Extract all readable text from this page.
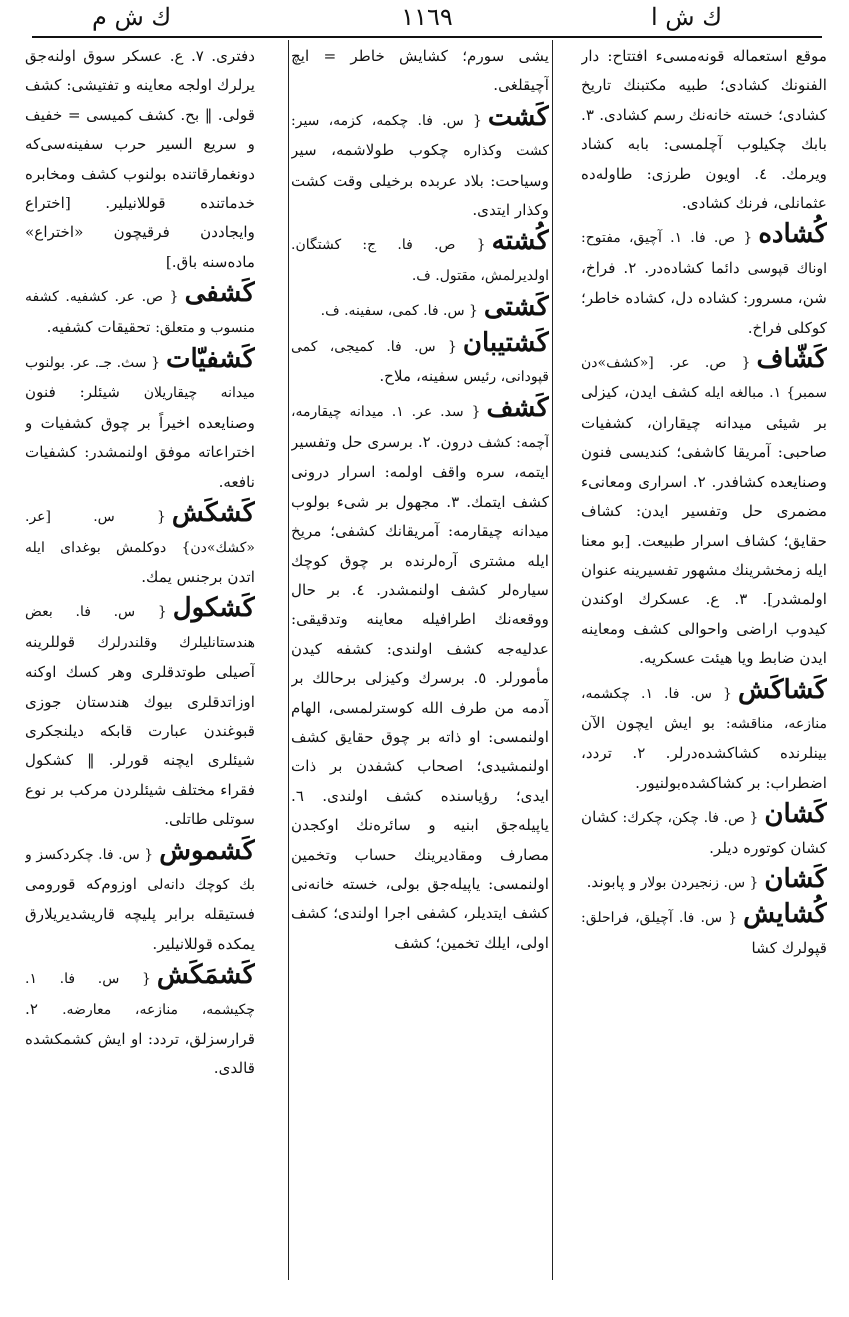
ك ش ا
١١٦٩
ك ش م
موقع استعماله قونه‌مسیء افتتاح: دار الفنونك كشادی؛ طبیه مكتبنك تاریخ كشادی؛ خسته خانه‌نك رسم كشادی. ٣. بابك چكیلوب آچلمسی: بابه كشاد ویرمك. ٤. اویون طرزی: طاولەده عثمانلی، فرنك كشادی.
كُشاده{ ص. فا. ١. آچیق، مفتوح: اوناك قپوسی دائما كشاده‌در. ٢. فراخ، شن، مسرور: كشاده دل، كشاده خاطر؛ كوكلی فراخ.
كَشّاف{ ص. عر. [«كشف»دن سمبر} ١. مبالغه ایله كشف ایدن، كیزلی بر شیئی میدانه چیقاران، كشفیات صاحبی: آمریقا كاشفی؛ كندیسی فنون وصنایعده كشافدر. ٢. اسراری ومعانیء مضمری حل وتفسیر ایدن: كشاف حقایق؛ كشاف اسرار طبیعت. [بو معنا ایله زمخشرینك مشهور تفسیرینه عنوان اولمشدر]. ٣. ع. عسكرك اوكندن كیدوب اراضی واحوالی كشف ومعاینه ایدن ضابط ویا هیئت عسكریه.
كَشاكَش{ س. فا. ١. چكشمه، منازعه، مناقشه: بو ایش ایچون الآن بینلرنده كشاكشده‌درلر. ٢. تردد، اضطراب: بر كشاكشده‌بولنیور.
كَشان{ ص. فا. چكن، چكرك: كشان كشان كوتوره دیلر.
كَشان{ س. زنجیردن بولار و پابوند.
كُشایش{ س. فا. آچیلق، فراحلق: قپولرك كشا
یشی سورم؛ كشایش خاطر = ایچ آچیقلغی.
كَشت{ س. فا. چكمه، كزمه، سیر: كشت وكذاره چكوب طولاشمه، سیر وسیاحت: بلاد عربده برخیلی وقت كشت وكذار ایتدی.
كُشته{ ص. فا. ج: كشتگان. اولدیرلمش، مقتول. ف.
كَشتی{ س. فا. كمی، سفینه. ف.
كَشتیبان{ س. فا. كمیجی، كمی قپودانی، رئیس سفینه، ملاح.
كَشف{ سد. عر. ١. میدانه چیقارمه، آچمه: كشف درون. ٢. برسری حل وتفسیر ایتمه، سره واقف اولمه: اسرار درونی كشف ایتمك. ٣. مجهول بر شیء بولوب میدانه چیقارمه: آمریقانك كشفی؛ مریخ ایله مشتری آره‌لرنده بر چوق كوچك سیاره‌لر كشف اولنمشدر. ٤. بر حال ووقعه‌نك اطرافیله معاینه وتدقیقی: عدلیه‌جه كشف اولندی: كشفه كیدن مأمورلر. ٥. برسرك وكیزلی برحالك بر آدمه من طرف الله كوسترلمسی، الهام اولنمسی: او ذاته بر چوق حقایق كشف اولنمشیدی؛ اصحاب كشفدن بر ذات ایدی؛ رؤیاسنده كشف اولندی. ٦. یاپیله‌جق ابنیه و سائره‌نك اوكجدن مصارف ومقادیرینك حساب وتخمین اولنمسی: یاپیله‌جق بولی، خسته خانه‌نی كشف ایتدیلر، كشفی اجرا اولندی؛ كشف اولی، ایلك تخمین؛ كشف
دفتری. ٧. ع. عسكر سوق اولنه‌جق یرلرك اولجه معاینه و تفتیشی: كشف قولی. ‖ بح. كشف كمیسی = خفیف و سریع السیر حرب سفینه‌سی‌كه دونغمارقاتنده بولنوب كشف ومخابره خدماتنده قوللانیلیر. [اختراع وایجاددن فرقیچون «اختراع» ماده‌سنه باق.]
كَشفی{ ص. عر. كشفیه. كشفه منسوب و متعلق: تحقیقات كشفیه.
كَشفیّات{ سث. جـ. عر. بولنوب میدانه چیقاریلان شیئلر: فنون وصنایعده اخیراً بر چوق كشفیات و اختراعاته موفق اولنمشدر: كشفیات نافعه.
كَشكَش{ س. [عر. «كشك»دن} دوكلمش بوغدای ایله اتدن برجنس یمك.
كَشكول{ س. فا. بعض هندستانلیلرك وقلندرلرك قوللرینه آصیلی طوتدقلری وهر كسك اوكنه اوزاتدقلری بیوك هندستان جوزی قبوغندن عبارت قابكه دیلنجكری شیئلری ایچنه قورلر. ‖ كشكول فقراء مختلف شیئلردن مركب بر نوع سوتلی طاتلی.
كَشموش{ س. فا. چكردكسز و بك كوچك دانه‌لی اوزوم‌كه قورومی فستیقله برابر پلیچه قاریشدیریلارق یمكده قوللانیلیر.
كَشمَكَش{ س. فا. ١. چكیشمه، منازعه، معارضه. ٢. قرارسزلق، تردد: او ایش كشمكشده قالدی.
